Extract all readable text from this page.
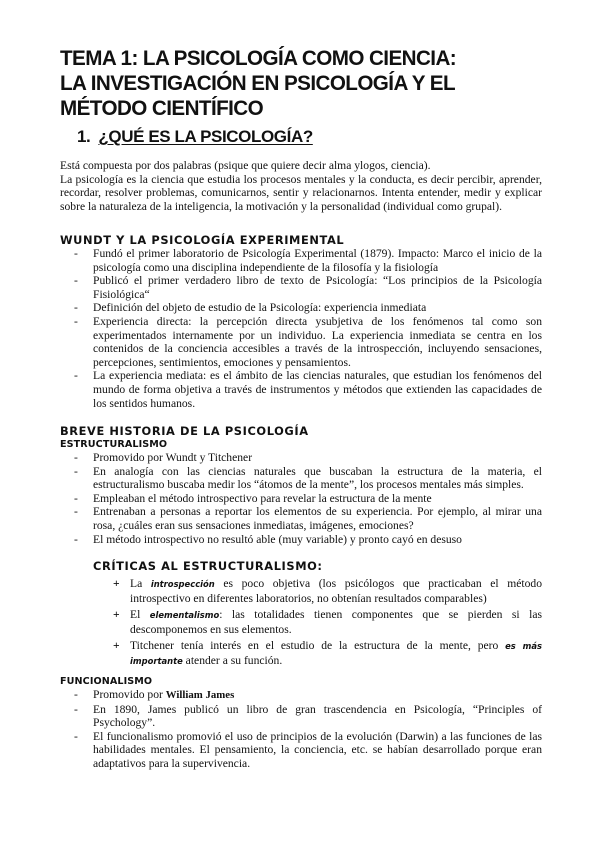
TEMA 1: LA PSICOLOGÍA COMO CIENCIA:
LA INVESTIGACIÓN EN PSICOLOGÍA Y EL
MÉTODO CIENTÍFICO
1. ¿QUÉ ES LA PSICOLOGÍA?

Está compuesta por dos palabras (psique que quiere decir alma ylogos, ciencia).

La psicología es la ciencia que estudia los procesos mentales y la conducta, es decir percibir, aprender, recordar, resolver problemas, comunicarnos, sentir y relacionarnos. Intenta entender, medir y explicar sobre la naturaleza de la inteligencia, la motivación y la personalidad (individual como grupal).

WUNDT Y LA PSICOLOGÍA EXPERIMENTAL
- Fundó el primer laboratorio de Psicología Experimental (1879). Impacto: Marco el inicio de la psicología como una disciplina independiente de la filosofía y la fisiología
- Publicó el primer verdadero libro de texto de Psicología: “Los principios de la Psicología Fisiológica“
- Definición del objeto de estudio de la Psicología: experiencia inmediata
- Experiencia directa: la percepción directa ysubjetiva de los fenómenos tal como son experimentados internamente por un individuo. La experiencia inmediata se centra en los contenidos de la conciencia accesibles a través de la introspección, incluyendo sensaciones, percepciones, sentimientos, emociones y pensamientos.
- La experiencia mediata: es el ámbito de las ciencias naturales, que estudian los fenómenos del mundo de forma objetiva a través de instrumentos y métodos que extienden las capacidades de los sentidos humanos.
BREVE HISTORIA DE LA PSICOLOGÍA
ESTRUCTURALISMO
- Promovido por Wundt y Titchener
- En analogía con las ciencias naturales que buscaban la estructura de la materia, el estructuralismo buscaba medir los “átomos de la mente”, los procesos mentales más simples.
- Empleaban el método introspectivo para revelar la estructura de la mente
- Entrenaban a personas a reportar los elementos de su experiencia. Por ejemplo, al mirar una rosa, ¿cuáles eran sus sensaciones inmediatas, imágenes, emociones?
- El método introspectivo no resultó able (muy variable) y pronto cayó en desuso
CRÍTICAS AL ESTRUCTURALISMO:
+ La introspección es poco objetiva (los psicólogos que practicaban el método introspectivo en diferentes laboratorios, no obtenían resultados comparables)
+ El elementalismo: las totalidades tienen componentes que se pierden si las descomponemos en sus elementos.
+ Titchener tenía interés en el estudio de la estructura de la mente, pero es más importante atender a su función.
FUNCIONALISMO
- Promovido por William James
- En 1890, James publicó un libro de gran trascendencia en Psicología, “Principles of Psychology”.
- El funcionalismo promovió el uso de principios de la evolución (Darwin) a las funciones de las habilidades mentales. El pensamiento, la conciencia, etc. se habían desarrollado porque eran adaptativos para la supervivencia.
